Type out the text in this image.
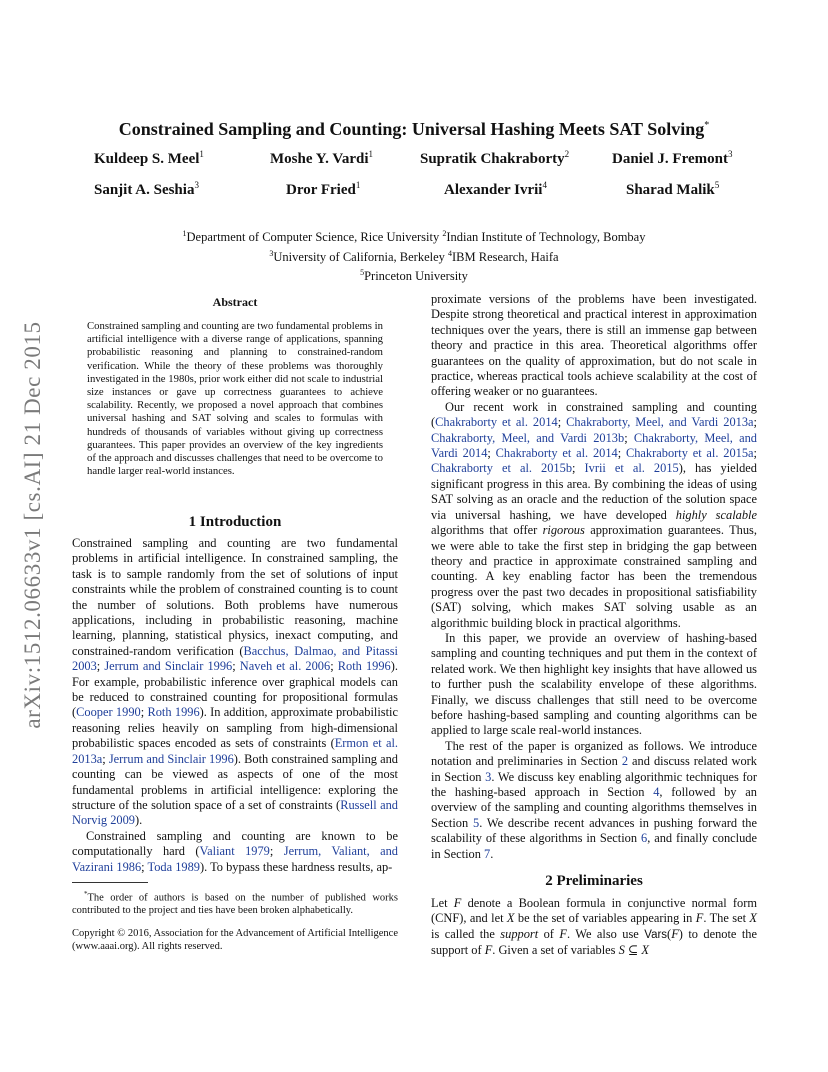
arXiv:1512.06633v1 [cs.AI] 21 Dec 2015
Constrained Sampling and Counting: Universal Hashing Meets SAT Solving*
Kuldeep S. Meel$^1$	Moshe Y. Vardi$^1$	Supratik Chakraborty$^2$	Daniel J. Fremont$^3$
Sanjit A. Seshia$^3$	Dror Fried$^1$	Alexander Ivrii$^4$	Sharad Malik$^5$
$^1$Department of Computer Science, Rice University $^2$Indian Institute of Technology, Bombay
$^3$University of California, Berkeley $^4$IBM Research, Haifa
$^5$Princeton University
Abstract
Constrained sampling and counting are two fundamental problems in artificial intelligence with a diverse range of applications, spanning probabilistic reasoning and planning to constrained-random verification. While the theory of these problems was thoroughly investigated in the 1980s, prior work either did not scale to industrial size instances or gave up correctness guarantees to achieve scalability. Recently, we proposed a novel approach that combines universal hashing and SAT solving and scales to formulas with hundreds of thousands of variables without giving up correctness guarantees. This paper provides an overview of the key ingredients of the approach and discusses challenges that need to be overcome to handle larger real-world instances.
1 Introduction

Constrained sampling and counting are two fundamental problems in artificial intelligence. In constrained sampling, the task is to sample randomly from the set of solutions of input constraints while the problem of constrained counting is to count the number of solutions. Both problems have numerous applications, including in probabilistic reasoning, machine learning, planning, statistical physics, inexact computing, and constrained-random verification (Bacchus, Dalmao, and Pitassi 2003; Jerrum and Sinclair 1996; Naveh et al. 2006; Roth 1996). For example, probabilistic inference over graphical models can be reduced to constrained counting for propositional formulas (Cooper 1990; Roth 1996). In addition, approximate probabilistic reasoning relies heavily on sampling from high-dimensional probabilistic spaces encoded as sets of constraints (Ermon et al. 2013a; Jerrum and Sinclair 1996). Both constrained sampling and counting can be viewed as aspects of one of the most fundamental problems in artificial intelligence: exploring the structure of the solution space of a set of constraints (Russell and Norvig 2009).

Constrained sampling and counting are known to be computationally hard (Valiant 1979; Jerrum, Valiant, and Vazirani 1986; Toda 1989). To bypass these hardness results, ap-

*The order of authors is based on the number of published works contributed to the project and ties have been broken alphabetically.
Copyright © 2016, Association for the Advancement of Artificial Intelligence (www.aaai.org). All rights reserved.

proximate versions of the problems have been investigated. Despite strong theoretical and practical interest in approximation techniques over the years, there is still an immense gap between theory and practice in this area. Theoretical algorithms offer guarantees on the quality of approximation, but do not scale in practice, whereas practical tools achieve scalability at the cost of offering weaker or no guarantees.

Our recent work in constrained sampling and counting (Chakraborty et al. 2014; Chakraborty, Meel, and Vardi 2013a; Chakraborty, Meel, and Vardi 2013b; Chakraborty, Meel, and Vardi 2014; Chakraborty et al. 2014; Chakraborty et al. 2015a; Chakraborty et al. 2015b; Ivrii et al. 2015), has yielded significant progress in this area. By combining the ideas of using SAT solving as an oracle and the reduction of the solution space via universal hashing, we have developed highly scalable algorithms that offer rigorous approximation guarantees. Thus, we were able to take the first step in bridging the gap between theory and practice in approximate constrained sampling and counting. A key enabling factor has been the tremendous progress over the past two decades in propositional satisfiability (SAT) solving, which makes SAT solving usable as an algorithmic building block in practical algorithms.

In this paper, we provide an overview of hashing-based sampling and counting techniques and put them in the context of related work. We then highlight key insights that have allowed us to further push the scalability envelope of these algorithms. Finally, we discuss challenges that still need to be overcome before hashing-based sampling and counting algorithms can be applied to large scale real-world instances.

The rest of the paper is organized as follows. We introduce notation and preliminaries in Section 2 and discuss related work in Section 3. We discuss key enabling algorithmic techniques for the hashing-based approach in Section 4, followed by an overview of the sampling and counting algorithms themselves in Section 5. We describe recent advances in pushing forward the scalability of these algorithms in Section 6, and finally conclude in Section 7.

2 Preliminaries

Let F denote a Boolean formula in conjunctive normal form (CNF), and let X be the set of variables appearing in F. The set X is called the support of F. We also use Vars(F) to denote the support of F. Given a set of variables S ⊆ X
